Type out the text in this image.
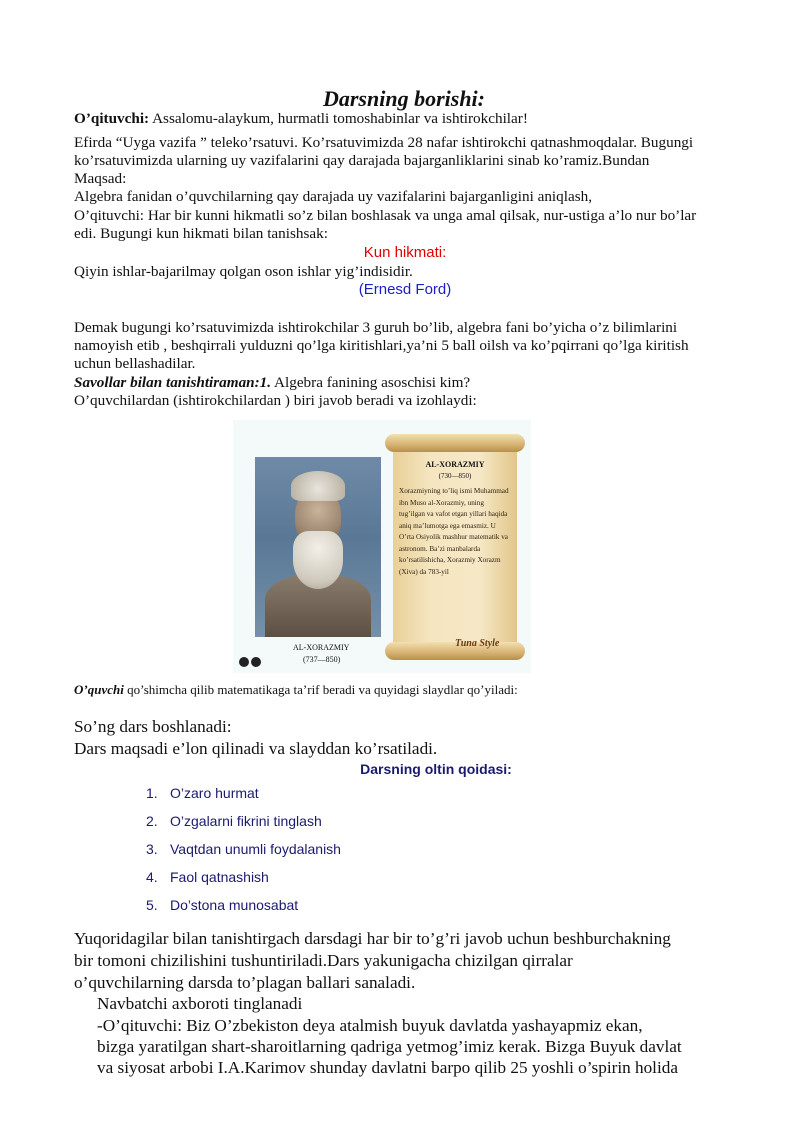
Darsning borishi:
O’qituvchi: Assalomu-alaykum, hurmatli tomoshabinlar va ishtirokchilar!
Efirda “Uyga vazifa ” teleko’rsatuvi. Ko’rsatuvimizda 28 nafar ishtirokchi qatnashmoqdalar. Bugungi
ko’rsatuvimizda ularning uy vazifalarini qay darajada bajarganliklarini sinab ko’ramiz.Bundan
Maqsad:
Algebra fanidan o’quvchilarning qay darajada uy vazifalarini bajarganligini aniqlash,
O’qituvchi: Har bir kunni hikmatli so’z bilan boshlasak va unga amal qilsak, nur-ustiga a’lo nur bo’lar
edi. Bugungi kun hikmati bilan tanishsak:
Kun hikmati:
Qiyin ishlar-bajarilmay qolgan oson ishlar yig’indisidir.
(Ernesd Ford)
Demak bugungi ko’rsatuvimizda ishtirokchilar 3 guruh bo’lib, algebra fani bo’yicha o’z bilimlarini
namoyish etib , beshqirrali yulduzni qo’lga kiritishlari,ya’ni 5 ball oilsh va ko’pqirrani qo’lga kiritish
uchun bellashadilar.
Savollar bilan tanishtiraman:1. Algebra fanining asoschisi kim?
O’quvchilardan (ishtirokchilardan ) biri javob beradi va izohlaydi:
AL-XORAZMIY
(737—850)
AL-XORAZMIY
(730—850)
Xorazmiyning to’liq ismi Muhammad ibn Muso al-Xorazmiy, uning tug’ilgan va vafot etgan yillari haqida aniq ma’lumotga ega emasmiz. U O’rta Osiyolik mashhur matematik va astronom. Ba’zi manbalarda ko’rsatilishicha, Xorazmiy Xorazm (Xiva) da 783-yil
Tuna Style
O’quvchi qo’shimcha qilib matematikaga ta’rif beradi va quyidagi slaydlar qo’yiladi:
So’ng dars boshlanadi:
Dars maqsadi e’lon qilinadi va slayddan ko’rsatiladi.
Darsning oltin qoidasi:
1. O’zaro hurmat
2. O’zgalarni fikrini tinglash
3. Vaqtdan unumli foydalanish
4. Faol qatnashish
5. Do’stona munosabat
Yuqoridagilar bilan tanishtirgach darsdagi har bir to’g’ri javob uchun beshburchakning
bir tomoni chizilishini tushuntiriladi.Dars yakunigacha chizilgan qirralar
o’quvchilarning darsda to’plagan ballari sanaladi.
Navbatchi axboroti tinglanadi
-O’qituvchi: Biz O’zbekiston deya atalmish buyuk davlatda yashayapmiz ekan,
bizga yaratilgan shart-sharoitlarning qadriga yetmog’imiz kerak. Bizga Buyuk davlat
va siyosat arbobi I.A.Karimov shunday davlatni barpo qilib 25 yoshli o’spirin holida
